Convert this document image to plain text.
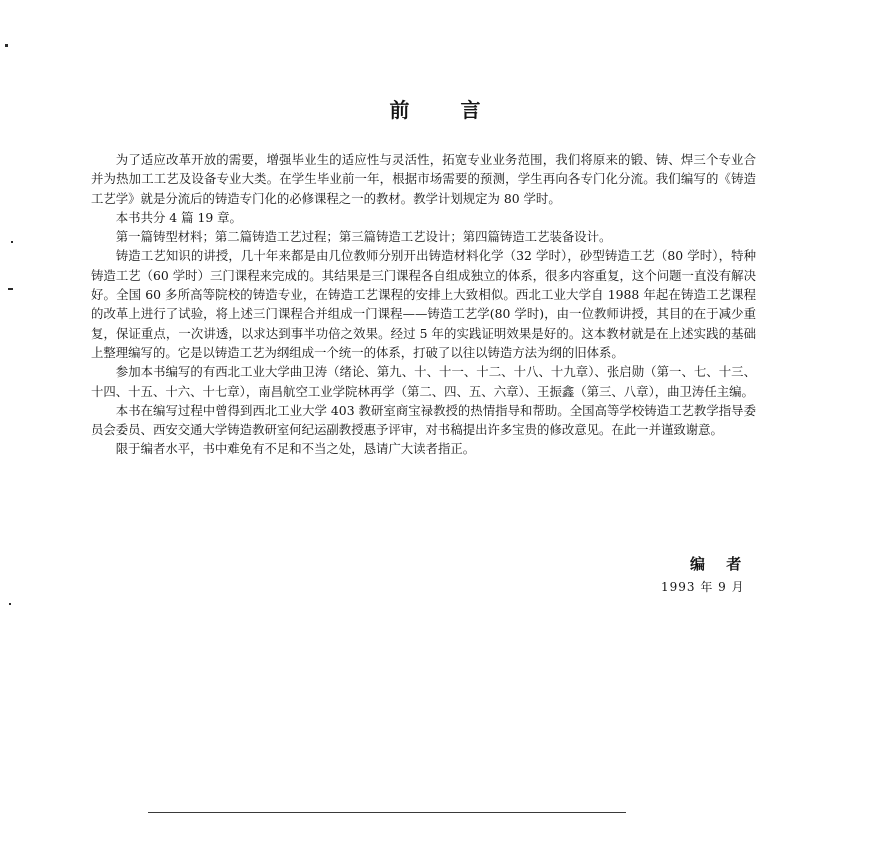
前 言

为了适应改革开放的需要，增强毕业生的适应性与灵活性，拓宽专业业务范围，我们将原来的锻、铸、焊三个专业合并为热加工工艺及设备专业大类。在学生毕业前一年，根据市场需要的预测，学生再向各专门化分流。我们编写的《铸造工艺学》就是分流后的铸造专门化的必修课程之一的教材。教学计划规定为 80 学时。

本书共分 4 篇 19 章。

第一篇铸型材料；第二篇铸造工艺过程；第三篇铸造工艺设计；第四篇铸造工艺装备设计。

铸造工艺知识的讲授，几十年来都是由几位教师分别开出铸造材料化学（32 学时），砂型铸造工艺（80 学时），特种铸造工艺（60 学时）三门课程来完成的。其结果是三门课程各自组成独立的体系，很多内容重复，这个问题一直没有解决好。全国 60 多所高等院校的铸造专业，在铸造工艺课程的安排上大致相似。西北工业大学自 1988 年起在铸造工艺课程的改革上进行了试验，将上述三门课程合并组成一门课程——铸造工艺学(80 学时)，由一位教师讲授，其目的在于减少重复，保证重点，一次讲透，以求达到事半功倍之效果。经过 5 年的实践证明效果是好的。这本教材就是在上述实践的基础上整理编写的。它是以铸造工艺为纲组成一个统一的体系，打破了以往以铸造方法为纲的旧体系。

参加本书编写的有西北工业大学曲卫涛（绪论、第九、十、十一、十二、十八、十九章）、张启勋（第一、七、十三、十四、十五、十六、十七章），南昌航空工业学院林再学（第二、四、五、六章）、王振鑫（第三、八章），曲卫涛任主编。

本书在编写过程中曾得到西北工业大学 403 教研室商宝禄教授的热情指导和帮助。全国高等学校铸造工艺教学指导委员会委员、西安交通大学铸造教研室何纪运副教授惠予评审，对书稿提出许多宝贵的修改意见。在此一并谨致谢意。

限于编者水平，书中难免有不足和不当之处，恳请广大读者指正。

编 者
1993 年 9 月
